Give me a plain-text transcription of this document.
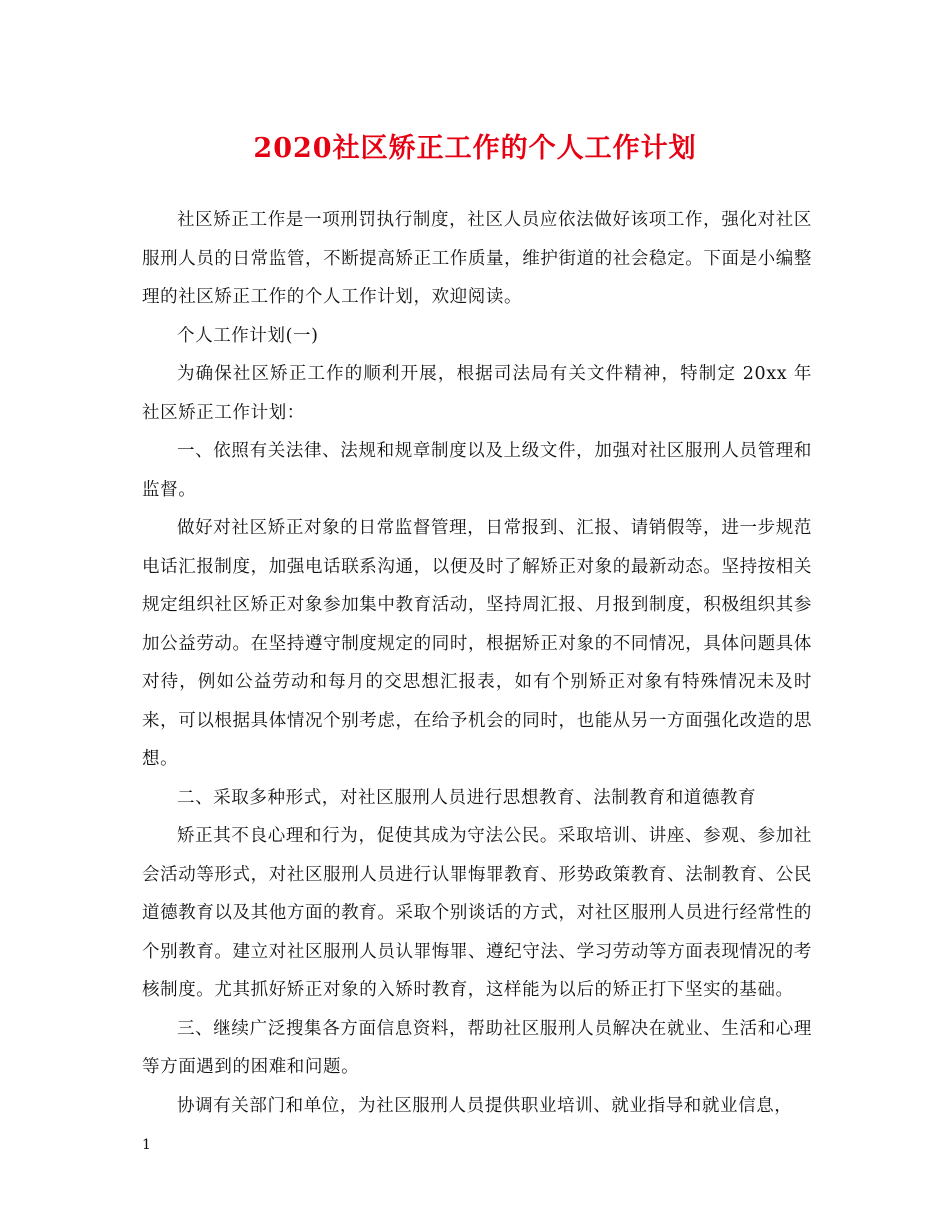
2020社区矫正工作的个人工作计划

社区矫正工作是一项刑罚执行制度，社区人员应依法做好该项工作，强化对社区服刑人员的日常监管，不断提高矫正工作质量，维护街道的社会稳定。下面是小编整理的社区矫正工作的个人工作计划，欢迎阅读。

个人工作计划(一)

为确保社区矫正工作的顺利开展，根据司法局有关文件精神，特制定 20xx 年社区矫正工作计划：

一、依照有关法律、法规和规章制度以及上级文件，加强对社区服刑人员管理和监督。

做好对社区矫正对象的日常监督管理，日常报到、汇报、请销假等，进一步规范电话汇报制度，加强电话联系沟通，以便及时了解矫正对象的最新动态。坚持按相关规定组织社区矫正对象参加集中教育活动，坚持周汇报、月报到制度，积极组织其参加公益劳动。在坚持遵守制度规定的同时，根据矫正对象的不同情况，具体问题具体对待，例如公益劳动和每月的交思想汇报表，如有个别矫正对象有特殊情况未及时来，可以根据具体情况个别考虑，在给予机会的同时，也能从另一方面强化改造的思想。

二、采取多种形式，对社区服刑人员进行思想教育、法制教育和道德教育

矫正其不良心理和行为，促使其成为守法公民。采取培训、讲座、参观、参加社会活动等形式，对社区服刑人员进行认罪悔罪教育、形势政策教育、法制教育、公民道德教育以及其他方面的教育。采取个别谈话的方式，对社区服刑人员进行经常性的个别教育。建立对社区服刑人员认罪悔罪、遵纪守法、学习劳动等方面表现情况的考核制度。尤其抓好矫正对象的入矫时教育，这样能为以后的矫正打下坚实的基础。

三、继续广泛搜集各方面信息资料，帮助社区服刑人员解决在就业、生活和心理等方面遇到的困难和问题。

协调有关部门和单位，为社区服刑人员提供职业培训、就业指导和就业信息，

1
